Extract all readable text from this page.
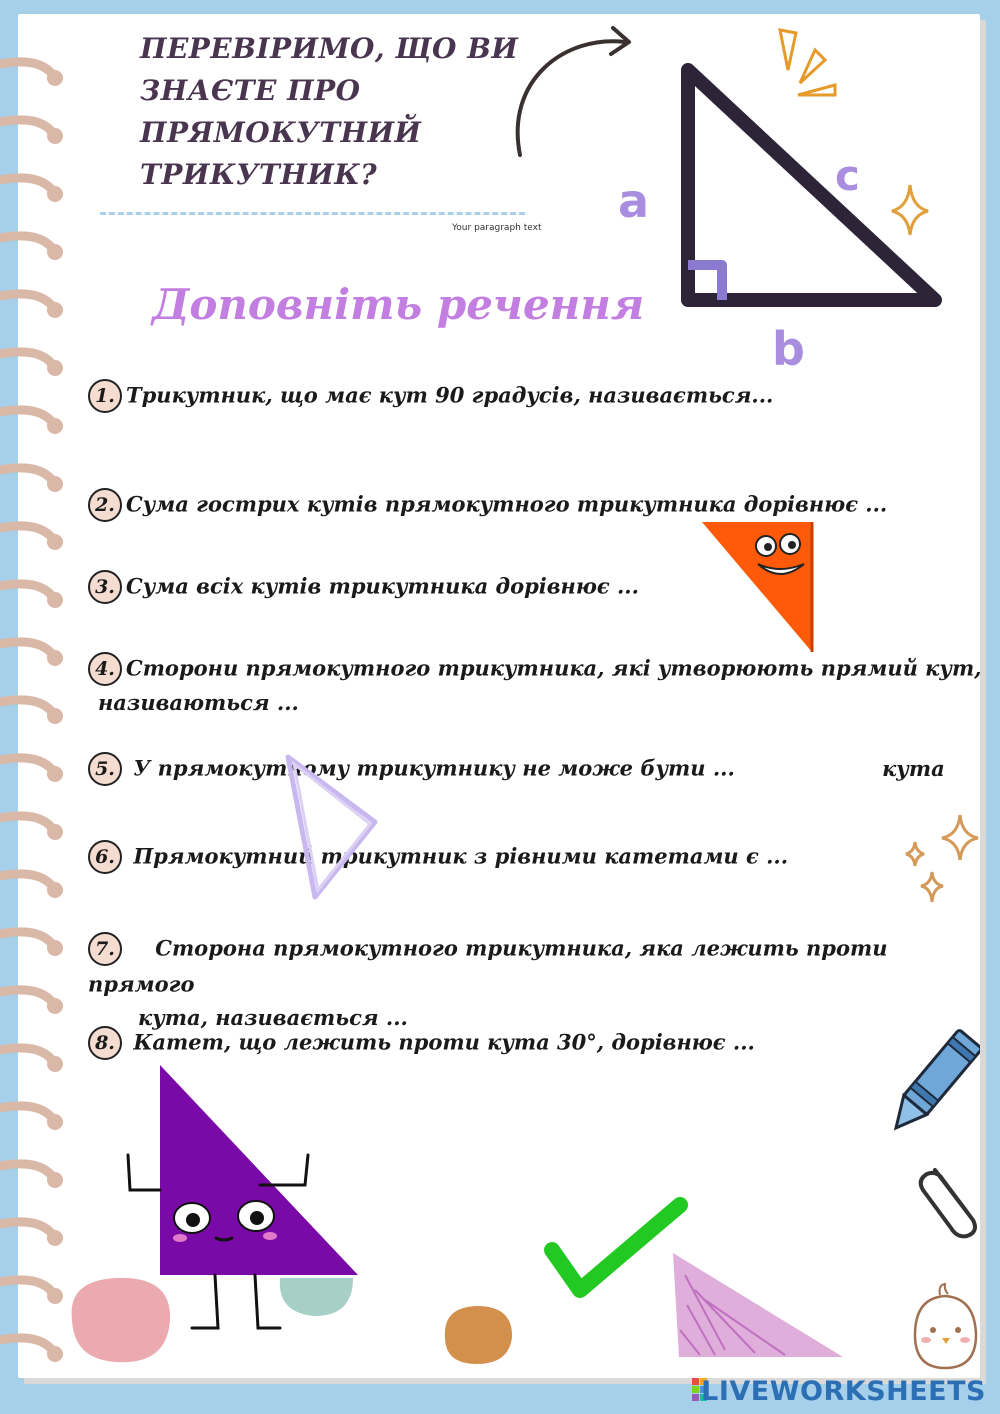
ПЕРЕВІРИМО, ЩО ВИ
ЗНАЄТЕ ПРО
ПРЯМОКУТНИЙ
ТРИКУТНИК?
Your paragraph text a	c
b
Доповніть речення
1. Трикутник, що має кут 90 градусів, називається...
2. Сума гострих кутів прямокутного трикутника дорівнює ...
3. Сума всіх кутів трикутника дорівнює ...
4. Сторони прямокутного трикутника, які утворюють прямий кут,
називаються ...
5. У прямокутному трикутнику не може бути ...	кута
6. Прямокутний трикутник з рівними катетами є ...
7. Сторона прямокутного трикутника, яка лежить проти прямого
кута, називається ...
8. Катет, що лежить проти кута 30°, дорівнює ...
LIVEWORKSHEETS
